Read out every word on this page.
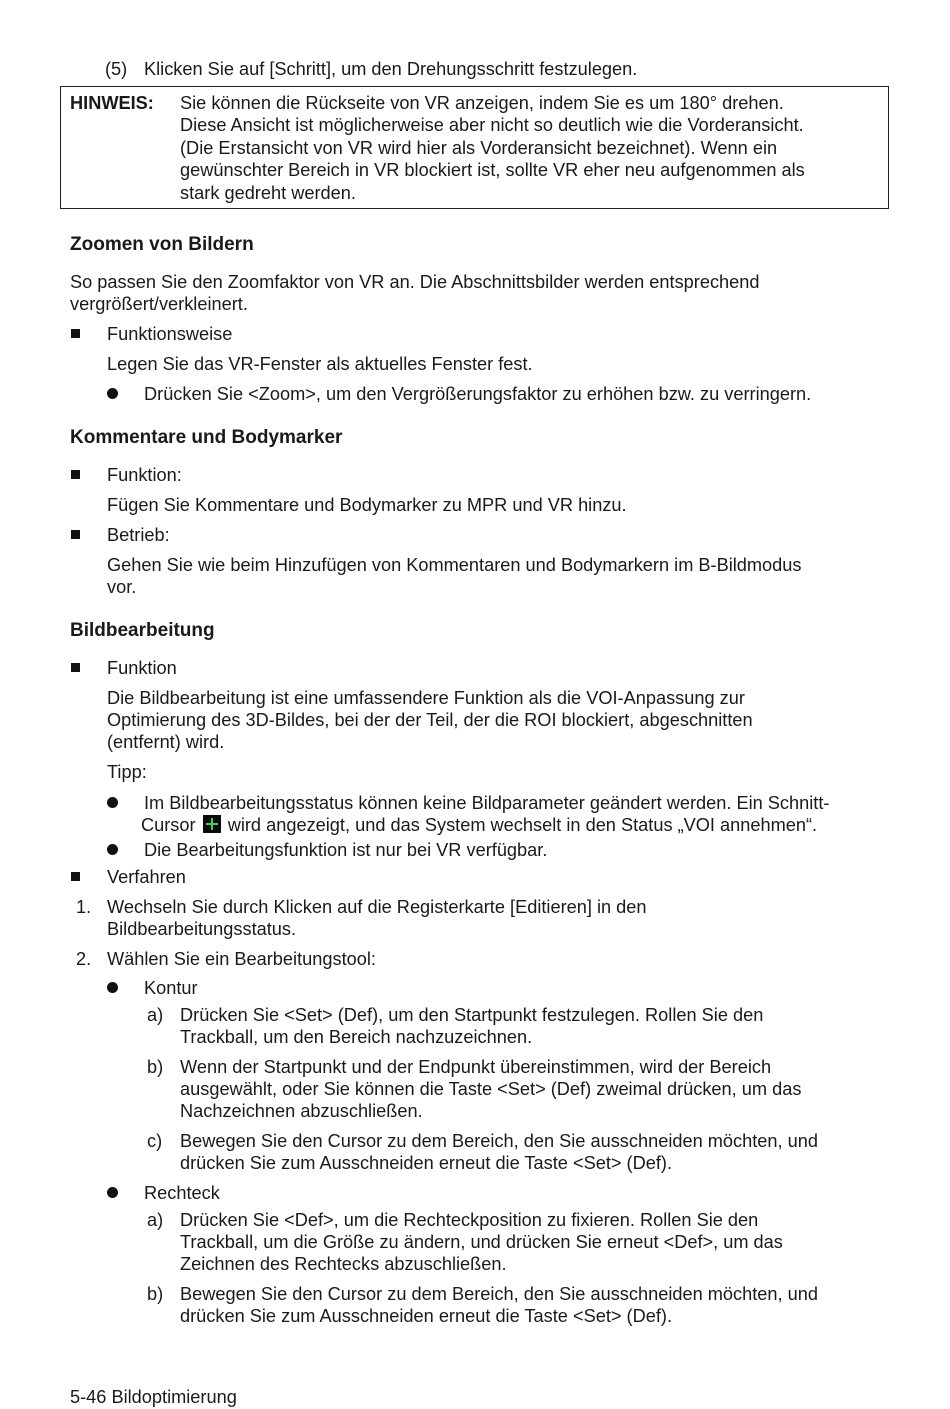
(5) Klicken Sie auf [Schritt], um den Drehungsschritt festzulegen.
HINWEIS: Sie können die Rückseite von VR anzeigen, indem Sie es um 180° drehen.
Diese Ansicht ist möglicherweise aber nicht so deutlich wie die Vorderansicht.
(Die Erstansicht von VR wird hier als Vorderansicht bezeichnet). Wenn ein
gewünschter Bereich in VR blockiert ist, sollte VR eher neu aufgenommen als
stark gedreht werden.
Zoomen von Bildern
So passen Sie den Zoomfaktor von VR an. Die Abschnittsbilder werden entsprechend
vergrößert/verkleinert.
Funktionsweise
Legen Sie das VR-Fenster als aktuelles Fenster fest.
Drücken Sie <Zoom>, um den Vergrößerungsfaktor zu erhöhen bzw. zu verringern.
Kommentare und Bodymarker
Funktion:
Fügen Sie Kommentare und Bodymarker zu MPR und VR hinzu.
Betrieb:
Gehen Sie wie beim Hinzufügen von Kommentaren und Bodymarkern im B-Bildmodus
vor.
Bildbearbeitung
Funktion
Die Bildbearbeitung ist eine umfassendere Funktion als die VOI-Anpassung zur
Optimierung des 3D-Bildes, bei der der Teil, der die ROI blockiert, abgeschnitten
(entfernt) wird.
Tipp:
Im Bildbearbeitungsstatus können keine Bildparameter geändert werden. Ein Schnitt-
Cursor wird angezeigt, und das System wechselt in den Status „VOI annehmen“.
Die Bearbeitungsfunktion ist nur bei VR verfügbar.
Verfahren
1. Wechseln Sie durch Klicken auf die Registerkarte [Editieren] in den
Bildbearbeitungsstatus.
2. Wählen Sie ein Bearbeitungstool:
Kontur
a) Drücken Sie <Set> (Def), um den Startpunkt festzulegen. Rollen Sie den
Trackball, um den Bereich nachzuzeichnen.
b) Wenn der Startpunkt und der Endpunkt übereinstimmen, wird der Bereich
ausgewählt, oder Sie können die Taste <Set> (Def) zweimal drücken, um das
Nachzeichnen abzuschließen.
c) Bewegen Sie den Cursor zu dem Bereich, den Sie ausschneiden möchten, und
drücken Sie zum Ausschneiden erneut die Taste <Set> (Def).
Rechteck
a) Drücken Sie <Def>, um die Rechteckposition zu fixieren. Rollen Sie den
Trackball, um die Größe zu ändern, und drücken Sie erneut <Def>, um das
Zeichnen des Rechtecks abzuschließen.
b) Bewegen Sie den Cursor zu dem Bereich, den Sie ausschneiden möchten, und
drücken Sie zum Ausschneiden erneut die Taste <Set> (Def).
5-46 Bildoptimierung
